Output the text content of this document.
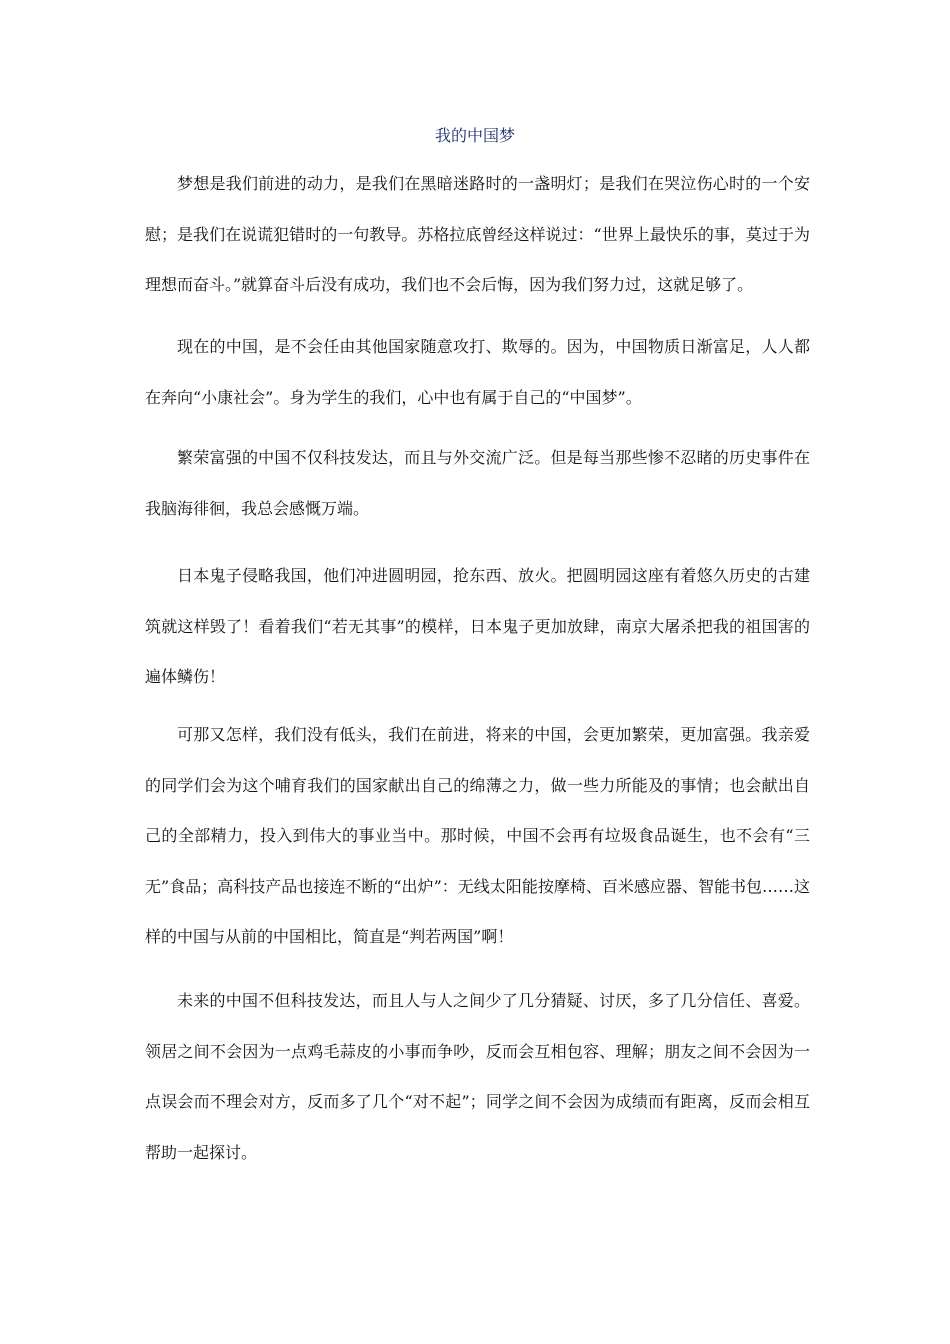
我的中国梦

梦想是我们前进的动力，是我们在黑暗迷路时的一盏明灯；是我们在哭泣伤心时的一个安慰；是我们在说谎犯错时的一句教导。苏格拉底曾经这样说过：“世界上最快乐的事，莫过于为理想而奋斗。”就算奋斗后没有成功，我们也不会后悔，因为我们努力过，这就足够了。

现在的中国，是不会任由其他国家随意攻打、欺辱的。因为，中国物质日渐富足，人人都在奔向“小康社会”。身为学生的我们，心中也有属于自己的“中国梦”。

繁荣富强的中国不仅科技发达，而且与外交流广泛。但是每当那些惨不忍睹的历史事件在我脑海徘徊，我总会感慨万端。

日本鬼子侵略我国，他们冲进圆明园，抢东西、放火。把圆明园这座有着悠久历史的古建筑就这样毁了！看着我们“若无其事”的模样，日本鬼子更加放肆，南京大屠杀把我的祖国害的遍体鳞伤！

可那又怎样，我们没有低头，我们在前进，将来的中国，会更加繁荣，更加富强。我亲爱的同学们会为这个哺育我们的国家献出自己的绵薄之力，做一些力所能及的事情；也会献出自己的全部精力，投入到伟大的事业当中。那时候，中国不会再有垃圾食品诞生，也不会有“三无”食品；高科技产品也接连不断的“出炉”：无线太阳能按摩椅、百米感应器、智能书包……这样的中国与从前的中国相比，简直是“判若两国”啊！

未来的中国不但科技发达，而且人与人之间少了几分猜疑、讨厌，多了几分信任、喜爱。领居之间不会因为一点鸡毛蒜皮的小事而争吵，反而会互相包容、理解；朋友之间不会因为一点误会而不理会对方，反而多了几个“对不起”；同学之间不会因为成绩而有距离，反而会相互帮助一起探讨。
